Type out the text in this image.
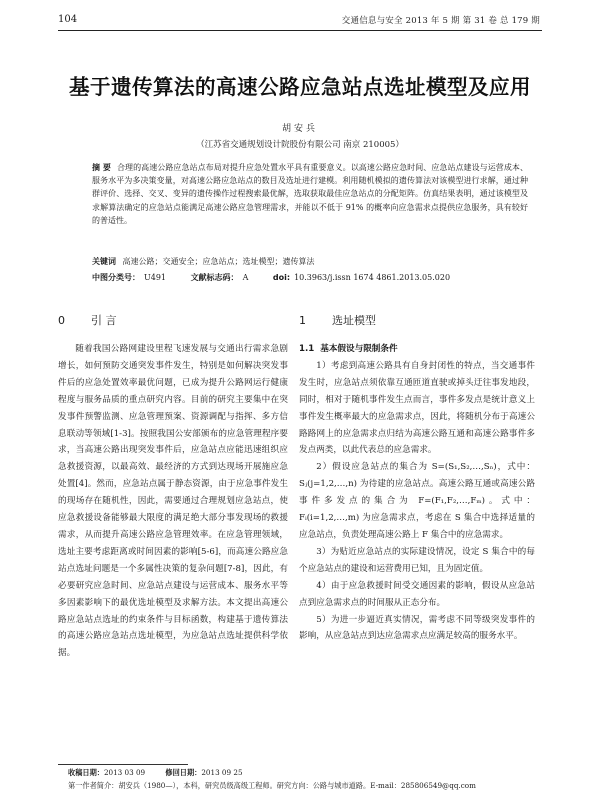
104	交通信息与安全 2013 年 5 期 第 31 卷 总 179 期
基于遗传算法的高速公路应急站点选址模型及应用
胡安兵
（江苏省交通规划设计院股份有限公司 南京 210005）
摘 要 合理的高速公路应急站点布局对提升应急处置水平具有重要意义。以高速公路应急时间、应急站点建设与运营成本、服务水平为多决策变量，对高速公路应急站点的数目及选址进行建模。利用随机模拟的遗传算法对该模型进行求解，通过种群评价、选择、交叉、变异的遗传操作过程搜索最优解，选取获取最佳应急站点的分配矩阵。仿真结果表明，通过该模型及求解算法确定的应急站点能满足高速公路应急管理需求，并能以不低于 91% 的概率向应急需求点提供应急服务，具有较好的普适性。
关键词 高速公路；交通安全；应急站点；选址模型；遗传算法
中图分类号： U491	文献标志码： A	doi: 10.3963/j.issn 1674 4861.2013.05.020
0 引 言

随着我国公路网建设里程飞速发展与交通出行需求急剧增长，如何预防交通突发事件发生，特别是如何解决突发事件后的应急处置效率最优问题，已成为提升公路网运行健康程度与服务品质的重点研究内容。目前的研究主要集中在突发事件预警监测、应急管理预案、资源调配与指挥、多方信息联动等领域[1-3]。按照我国公安部颁布的应急管理程序要求，当高速公路出现突发事件后，应急站点应能迅速组织应急救援资源，以最高效、最经济的方式到达现场开展施应急处置[4]。然而，应急站点属于静态资源，由于应急事件发生的现场存在随机性，因此，需要通过合理规划应急站点，使应急救援设备能够最大限度的满足绝大部分事发现场的救援需求，从而提升高速公路应急管理效率。在应急管理领域，选址主要考虑距离或时间因素的影响[5-6]，而高速公路应急站点选址问题是一个多属性决策的复杂问题[7-8]，因此，有必要研究应急时间、应急站点建设与运营成本、服务水平等多因素影响下的最优选址模型及求解方法。本文提出高速公路应急站点选址的约束条件与目标函数，构建基于遗传算法的高速公路应急站点选址模型，为应急站点选址提供科学依据。

1 选址模型
1.1 基本假设与限制条件

1）考虑到高速公路具有自身封闭性的特点，当交通事件发生时，应急站点须依靠互通匝道直驶或掉头迂往事发地段，同时，相对于随机事件发生点而言，事件多发点是统计意义上事件发生概率最大的应急需求点，因此，将随机分布于高速公路路网上的应急需求点归结为高速公路互通和高速公路事件多发点两类，以此代表总的应急需求。

2）假设应急站点的集合为 S=(S₁,S₂,…,Sₙ)，式中：Sⱼ(j=1,2,…,n) 为待建的应急站点。高速公路互通或高速公路事件多发点的集合为 F=(F₁,F₂,…,Fₘ)。式中：Fᵢ(i=1,2,…,m) 为应急需求点，考虑在 S 集合中选择适量的应急站点，负责处理高速公路上 F 集合中的应急需求。

3）为贴近应急站点的实际建设情况，设定 S 集合中的每个应急站点的建设和运营费用已知，且为固定值。

4）由于应急救援时间受交通因素的影响，假设从应急站点到应急需求点的时间服从正态分布。

5）为进一步逼近真实情况，需考虑不同等级突发事件的影响，从应急站点到达应急需求点应满足较高的服务水平。

收稿日期：2013 03 09	修回日期：2013 09 25
第一作者简介：胡安兵（1980—），本科，研究员级高级工程师。研究方向：公路与城市道路。E-mail：285806549@qq.com
